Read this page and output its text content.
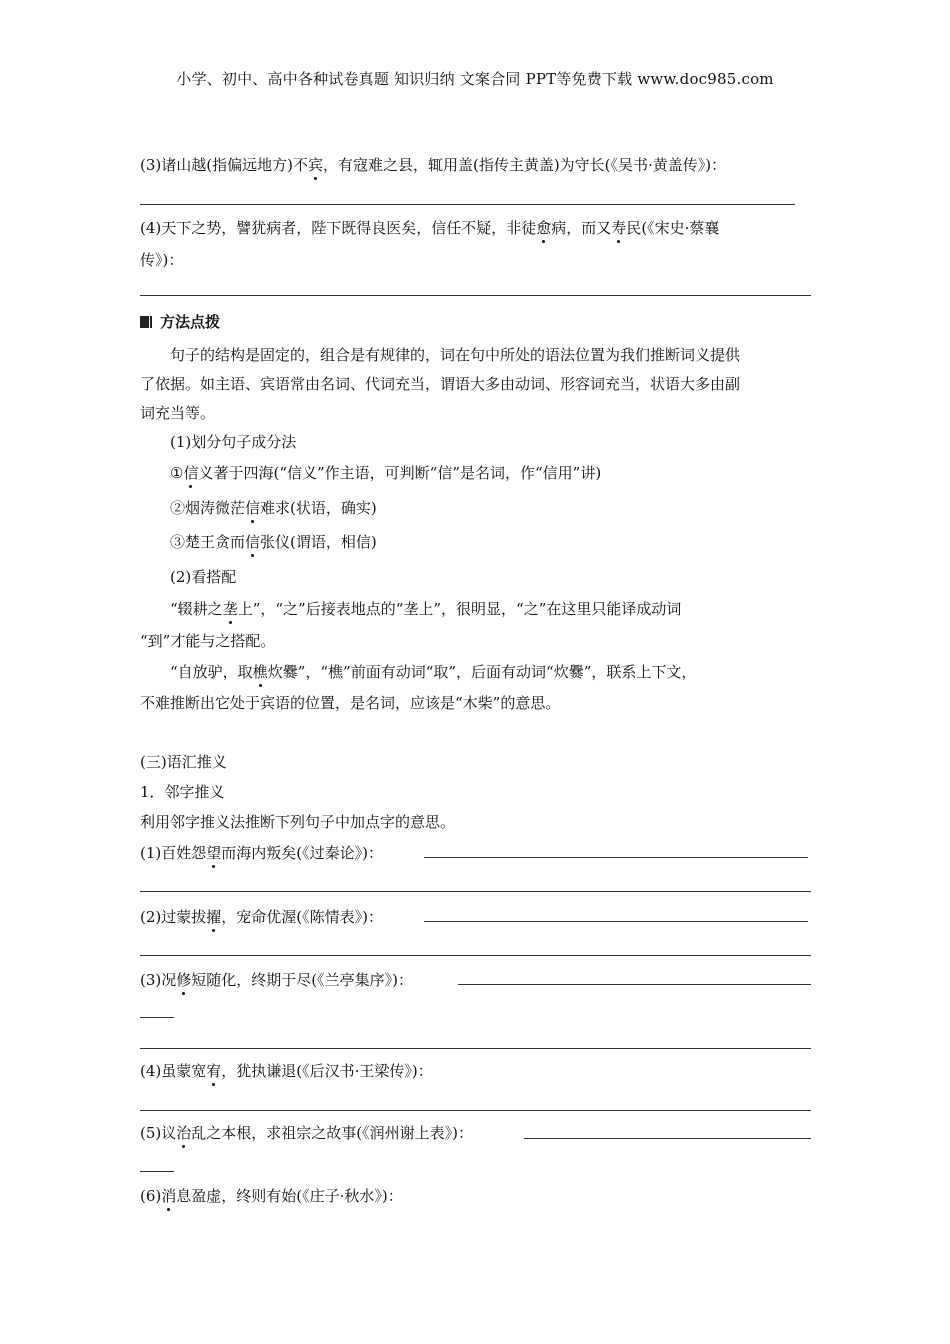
小学、初中、高中各种试卷真题 知识归纳 文案合同 PPT等免费下载 www.doc985.com
(3)诸山越(指偏远地方)不宾，有寇难之县，辄用盖(指传主黄盖)为守长(《吴书·黄盖传》)：
(4)天下之势，譬犹病者，陛下既得良医矣，信任不疑，非徒愈病，而又寿民(《宋史·蔡襄
传》)：
方法点拨
句子的结构是固定的，组合是有规律的，词在句中所处的语法位置为我们推断词义提供
了依据。如主语、宾语常由名词、代词充当，谓语大多由动词、形容词充当，状语大多由副
词充当等。
(1)划分句子成分法
①信义著于四海(“信义”作主语，可判断“信”是名词，作“信用”讲)
②烟涛微茫信难求(状语，确实)
③楚王贪而信张仪(谓语，相信)
(2)看搭配
“辍耕之垄上”，“之”后接表地点的“垄上”，很明显，“之”在这里只能译成动词
“到”才能与之搭配。
“自放驴，取樵炊爨”，“樵”前面有动词“取”，后面有动词“炊爨”，联系上下文，
不难推断出它处于宾语的位置，是名词，应该是“木柴”的意思。
(三)语汇推义
1．邻字推义
利用邻字推义法推断下列句子中加点字的意思。
(1)百姓怨望而海内叛矣(《过秦论》)：
(2)过蒙拔擢，宠命优渥(《陈情表》)：
(3)况修短随化，终期于尽(《兰亭集序》)：
(4)虽蒙宽宥，犹执谦退(《后汉书·王梁传》)：
(5)议治乱之本根，求祖宗之故事(《润州谢上表》)：
(6)消息盈虚，终则有始(《庄子·秋水》)：
